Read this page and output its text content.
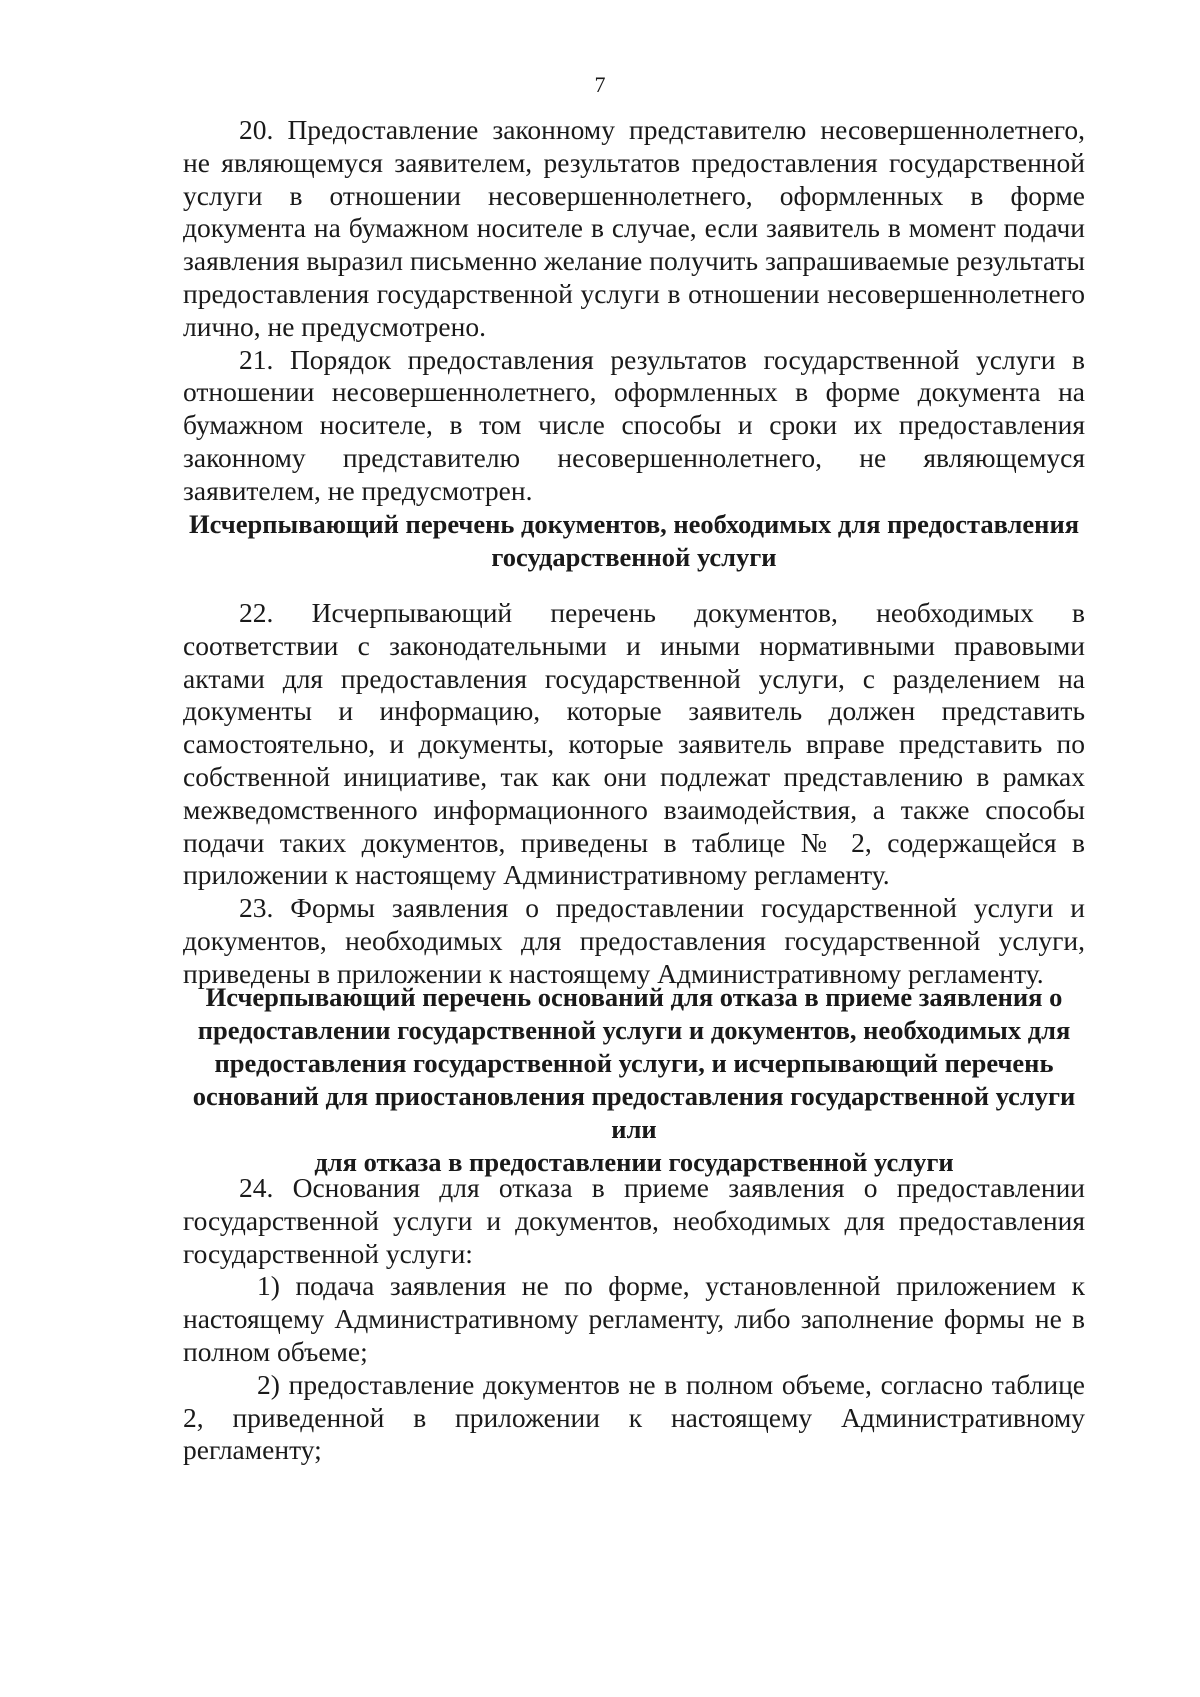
7

20. Предоставление законному представителю несовершеннолетнего, не являющемуся заявителем, результатов предоставления государственной услуги в отношении несовершеннолетнего, оформленных в форме документа на бумажном носителе в случае, если заявитель в момент подачи заявления выразил письменно желание получить запрашиваемые результаты предоставления государственной услуги в отношении несовершеннолетнего лично, не предусмотрено.

21. Порядок предоставления результатов государственной услуги в отношении несовершеннолетнего, оформленных в форме документа на бумажном носителе, в том числе способы и сроки их предоставления законному представителю несовершеннолетнего, не являющемуся заявителем, не предусмотрен.

Исчерпывающий перечень документов, необходимых для предоставления
государственной услуги

22. Исчерпывающий перечень документов, необходимых в соответствии с законодательными и иными нормативными правовыми актами для предоставления государственной услуги, с разделением на документы и информацию, которые заявитель должен представить самостоятельно, и документы, которые заявитель вправе представить по собственной инициативе, так как они подлежат представлению в рамках межведомственного информационного взаимодействия, а также способы подачи таких документов, приведены в таблице № 2, содержащейся в приложении к настоящему Административному регламенту.

23. Формы заявления о предоставлении государственной услуги и документов, необходимых для предоставления государственной услуги, приведены в приложении к настоящему Административному регламенту.

Исчерпывающий перечень оснований для отказа в приеме заявления о
предоставлении государственной услуги и документов, необходимых для
предоставления государственной услуги, и исчерпывающий перечень
оснований для приостановления предоставления государственной услуги или
для отказа в предоставлении государственной услуги

24. Основания для отказа в приеме заявления о предоставлении государственной услуги и документов, необходимых для предоставления государственной услуги:

1) подача заявления не по форме, установленной приложением к настоящему Административному регламенту, либо заполнение формы не в полном объеме;

2) предоставление документов не в полном объеме, согласно таблице 2, приведенной в приложении к настоящему Административному регламенту;
